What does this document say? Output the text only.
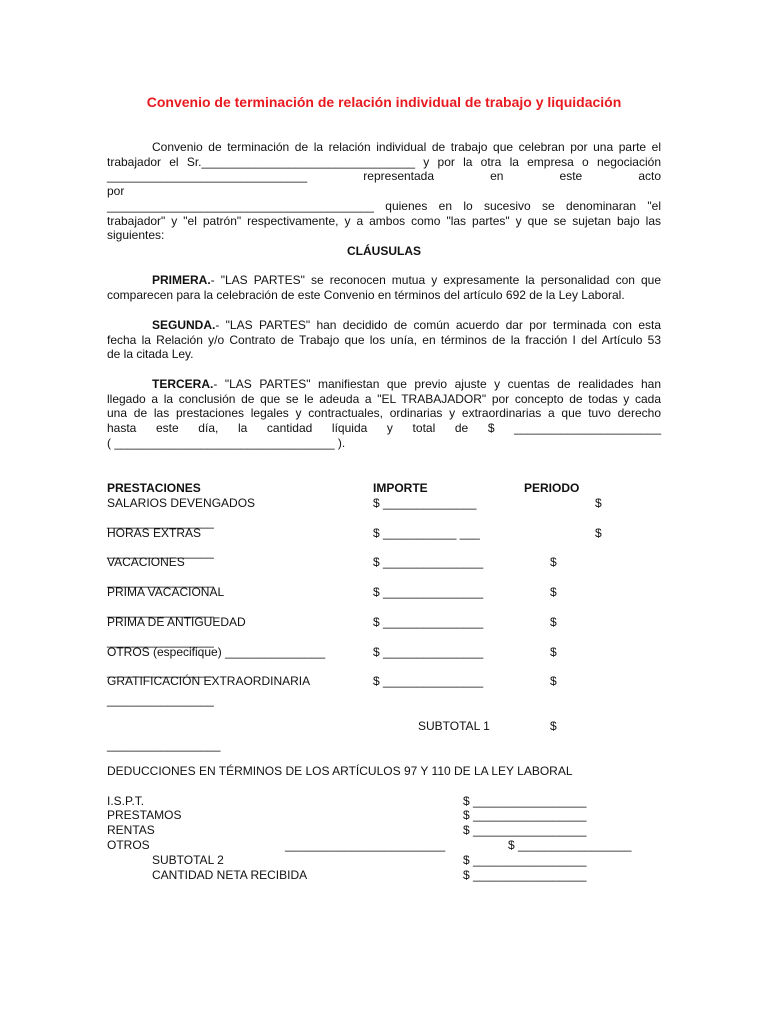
Convenio de terminación de relación individual de trabajo y liquidación
Convenio de terminación de la relación individual de trabajo que celebran por una parte el
trabajador el Sr.________________________________ y por la otra la empresa o negociación
______________________________ representada en este acto por
________________________________________ quienes en lo sucesivo se denominaran "el
trabajador" y "el patrón" respectivamente, y a ambos como "las partes" y que se sujetan bajo las
siguientes:
CLÁUSULAS
PRIMERA.- "LAS PARTES" se reconocen mutua y expresamente la personalidad con que
comparecen para la celebración de este Convenio en términos del artículo 692 de la Ley Laboral.
SEGUNDA.- "LAS PARTES" han decidido de común acuerdo dar por terminada con esta
fecha la Relación y/o Contrato de Trabajo que los unía, en términos de la fracción I del Artículo 53
de la citada Ley.
TERCERA.- "LAS PARTES" manifiestan que previo ajuste y cuentas de realidades han
llegado a la conclusión de que se le adeuda a "EL TRABAJADOR" por concepto de todas y cada
una de las prestaciones legales y contractuales, ordinarias y extraordinarias a que tuvo derecho
hasta este día, la cantidad líquida y total de $ ______________________
( _________________________________ ).
PRESTACIONES	IMPORTE	PERIODO
SALARIOS DEVENGADOS	$ ______________	$
________________
HORAS EXTRAS	$ ___________ ___	$
________________
VACACIONES	$ _______________	$
________________
PRIMA VACACIONAL	$ _______________	$
________________
PRIMA DE ANTIGUEDAD	$ _______________	$
________________
OTROS (especifique) _______________	$ _______________	$
________________
GRATIFICACIÓN EXTRAORDINARIA	$ _______________	$
________________
SUBTOTAL 1	$
_________________
DEDUCCIONES EN TÉRMINOS DE LOS ARTÍCULOS 97 Y 110 DE LA LEY LABORAL
I.S.P.T.	$ _________________
PRESTAMOS	$ _________________
RENTAS	$ _________________
OTROS	________________________	$ _________________
SUBTOTAL 2	$ _________________
CANTIDAD NETA RECIBIDA	$ _________________
